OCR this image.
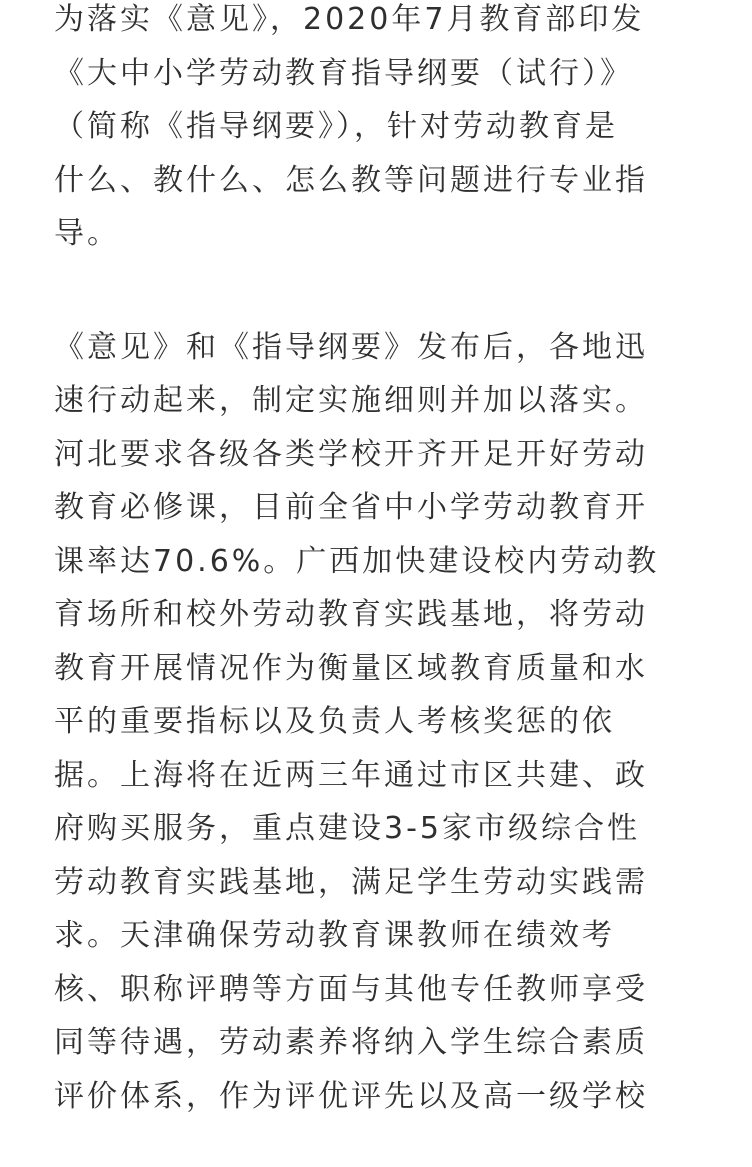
为落实《意见》，2020年7月教育部印发
《大中小学劳动教育指导纲要（试行）》
（简称《指导纲要》），针对劳动教育是
什么、教什么、怎么教等问题进行专业指
导。
《意见》和《指导纲要》发布后，各地迅
速行动起来，制定实施细则并加以落实。
河北要求各级各类学校开齐开足开好劳动
教育必修课，目前全省中小学劳动教育开
课率达70.6%。广西加快建设校内劳动教
育场所和校外劳动教育实践基地，将劳动
教育开展情况作为衡量区域教育质量和水
平的重要指标以及负责人考核奖惩的依
据。上海将在近两三年通过市区共建、政
府购买服务，重点建设3-5家市级综合性
劳动教育实践基地，满足学生劳动实践需
求。天津确保劳动教育课教师在绩效考
核、职称评聘等方面与其他专任教师享受
同等待遇，劳动素养将纳入学生综合素质
评价体系，作为评优评先以及高一级学校
